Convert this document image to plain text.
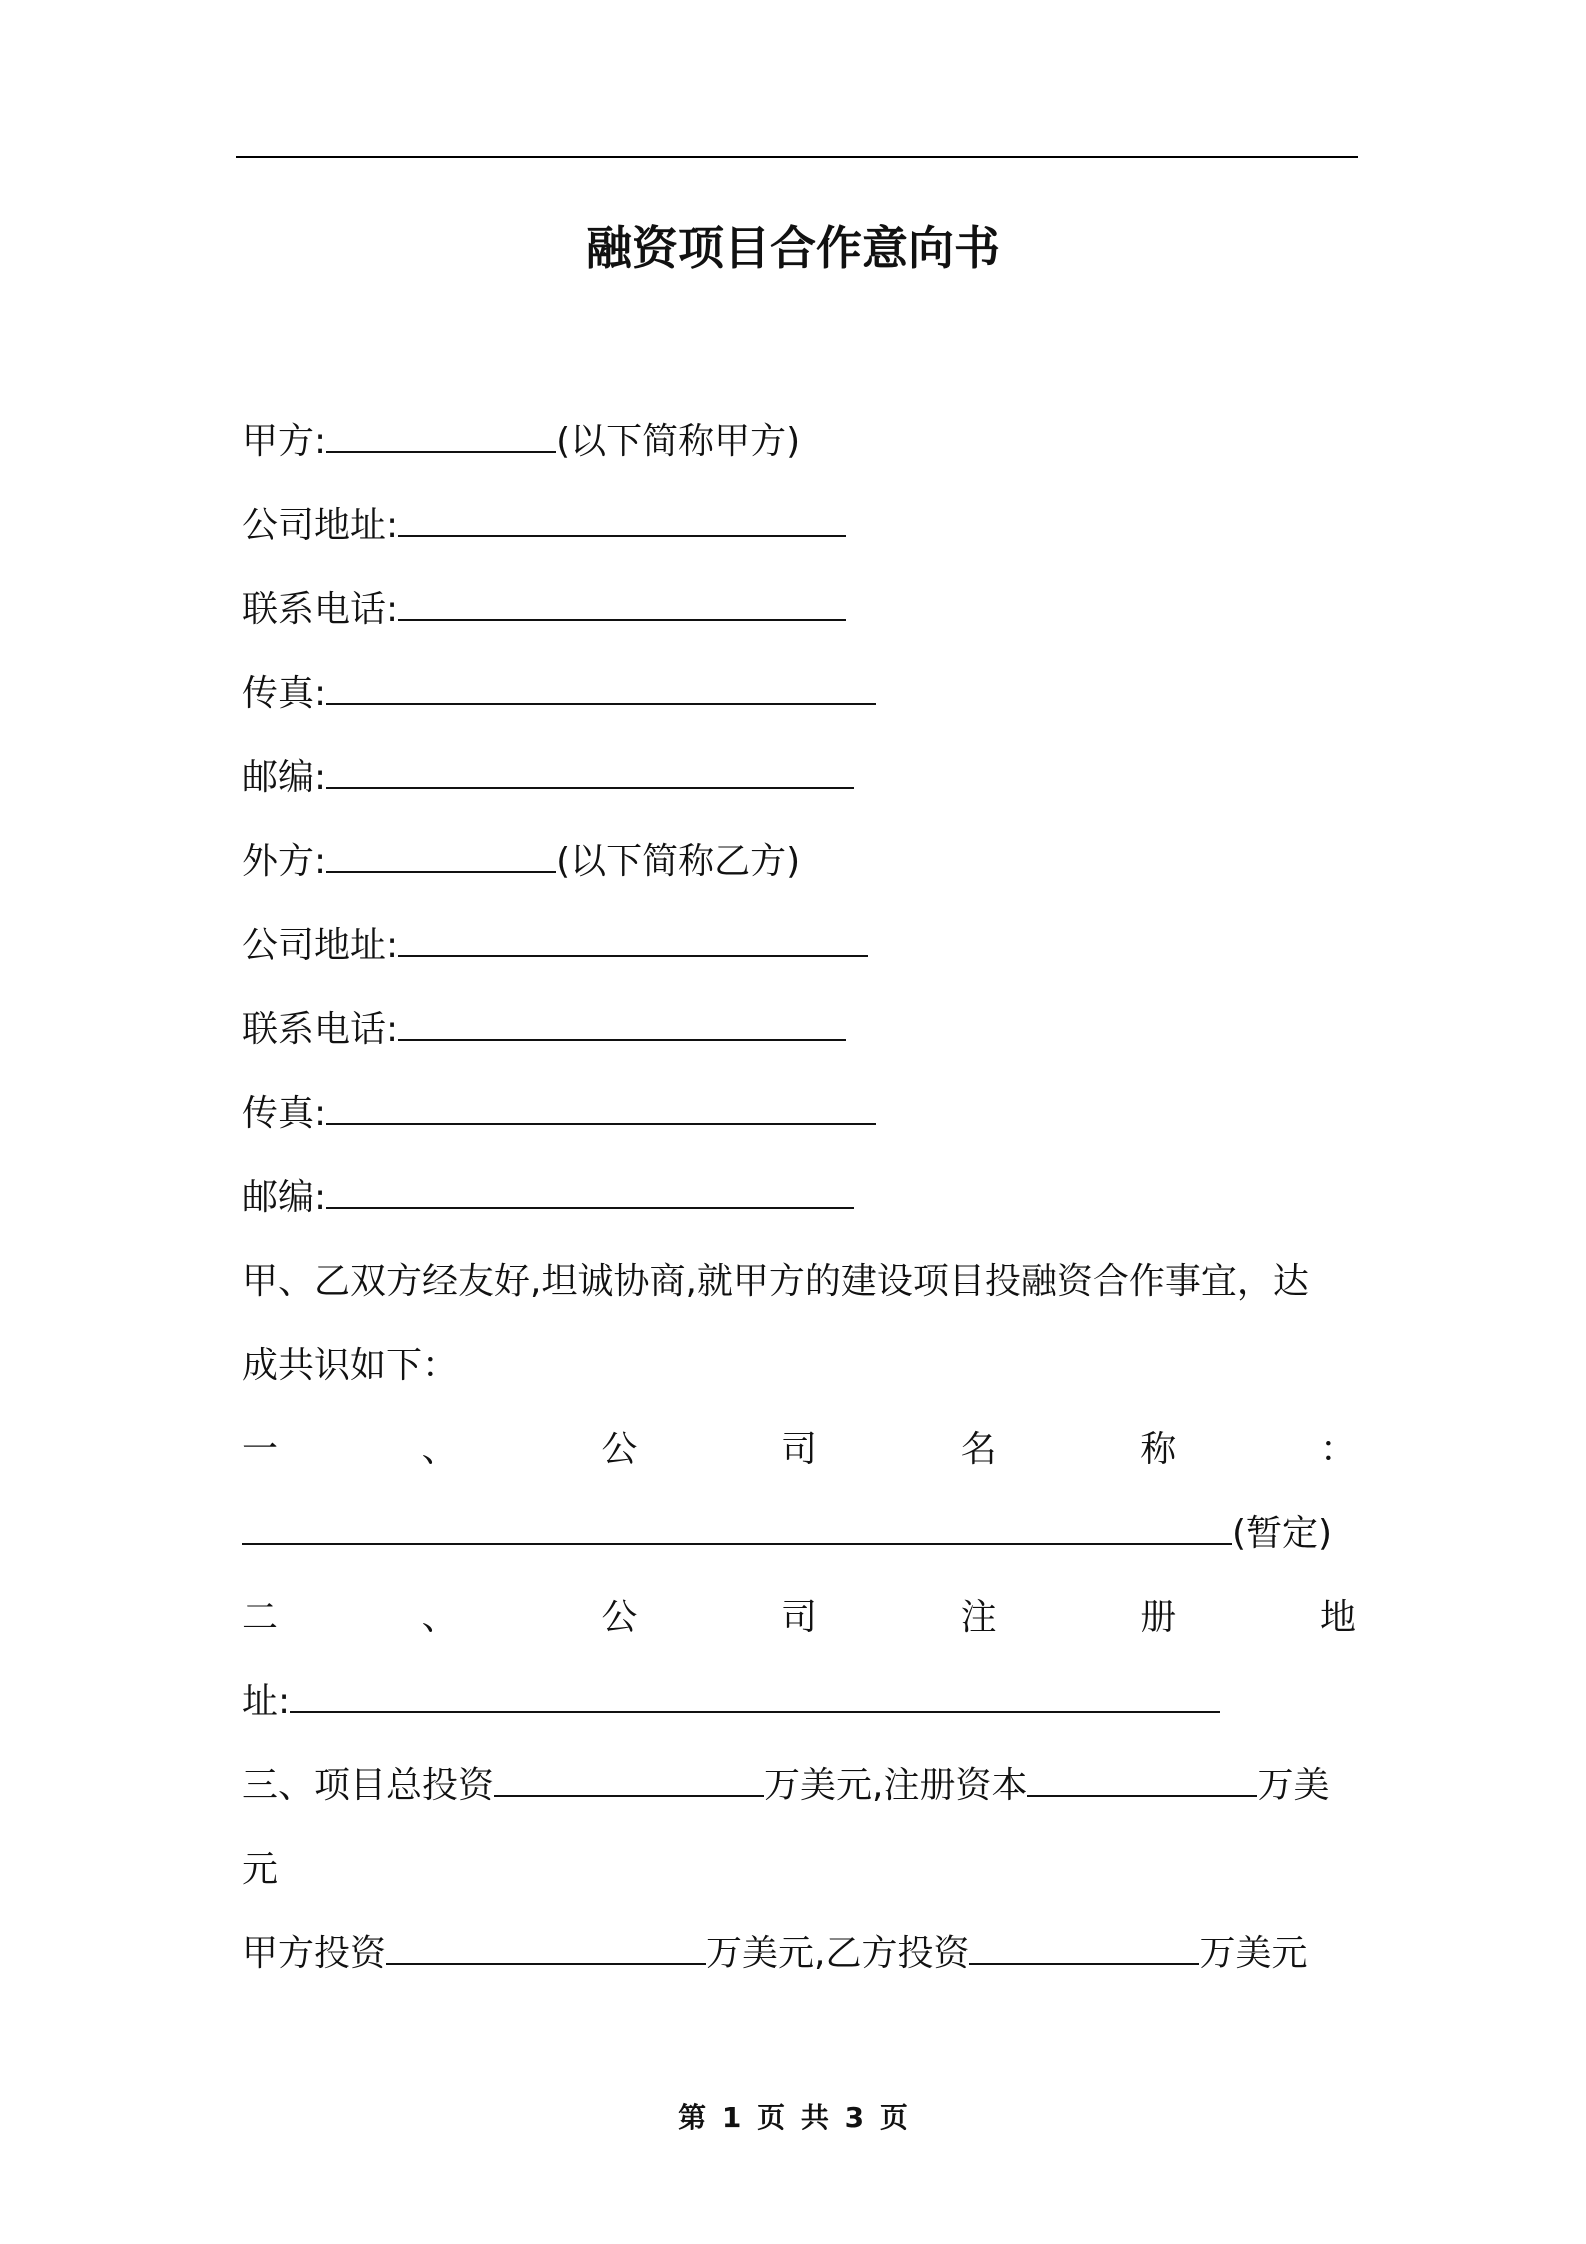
融资项目合作意向书
甲方:	(以下简称甲方)
公司地址:
联系电话:
传真:
邮编:
外方:	(以下简称乙方)
公司地址:
联系电话:
传真:
邮编:
甲、乙双方经友好,坦诚协商,就甲方的建设项目投融资合作事宜，达
成共识如下：
一	、	公	司	名	称	：
(暂定)
二	、	公	司	注	册	地
址:
三、项目总投资	万美元,注册资本	万美
元
甲方投资	万美元,乙方投资	万美元
第 1 页 共 3 页
